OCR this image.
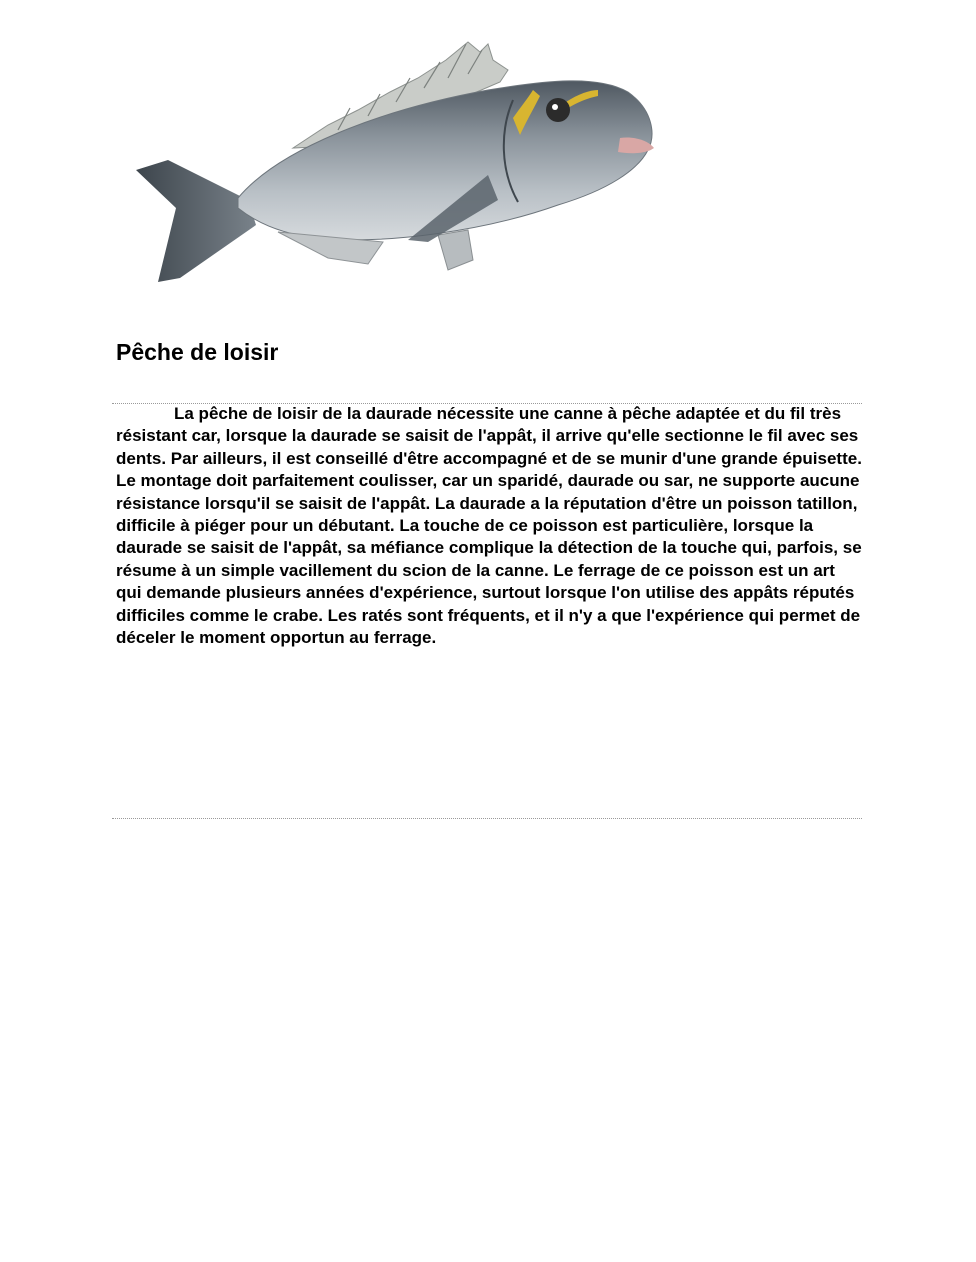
Pêche de loisir

La pêche de loisir de la daurade nécessite une canne à pêche adaptée et du fil très résistant car, lorsque la daurade se saisit de l'appât, il arrive qu'elle sectionne le fil avec ses dents. Par ailleurs, il est conseillé d'être accompagné et de se munir d'une grande épuisette. Le montage doit parfaitement coulisser, car un sparidé, daurade ou sar, ne supporte aucune résistance lorsqu'il se saisit de l'appât. La daurade a la réputation d'être un poisson tatillon, difficile à piéger pour un débutant. La touche de ce poisson est particulière, lorsque la daurade se saisit de l'appât, sa méfiance complique la détection de la touche qui, parfois, se résume à un simple vacillement du scion de la canne. Le ferrage de ce poisson est un art qui demande plusieurs années d'expérience, surtout lorsque l'on utilise des appâts réputés difficiles comme le crabe. Les ratés sont fréquents, et il n'y a que l'expérience qui permet de déceler le moment opportun au ferrage.
